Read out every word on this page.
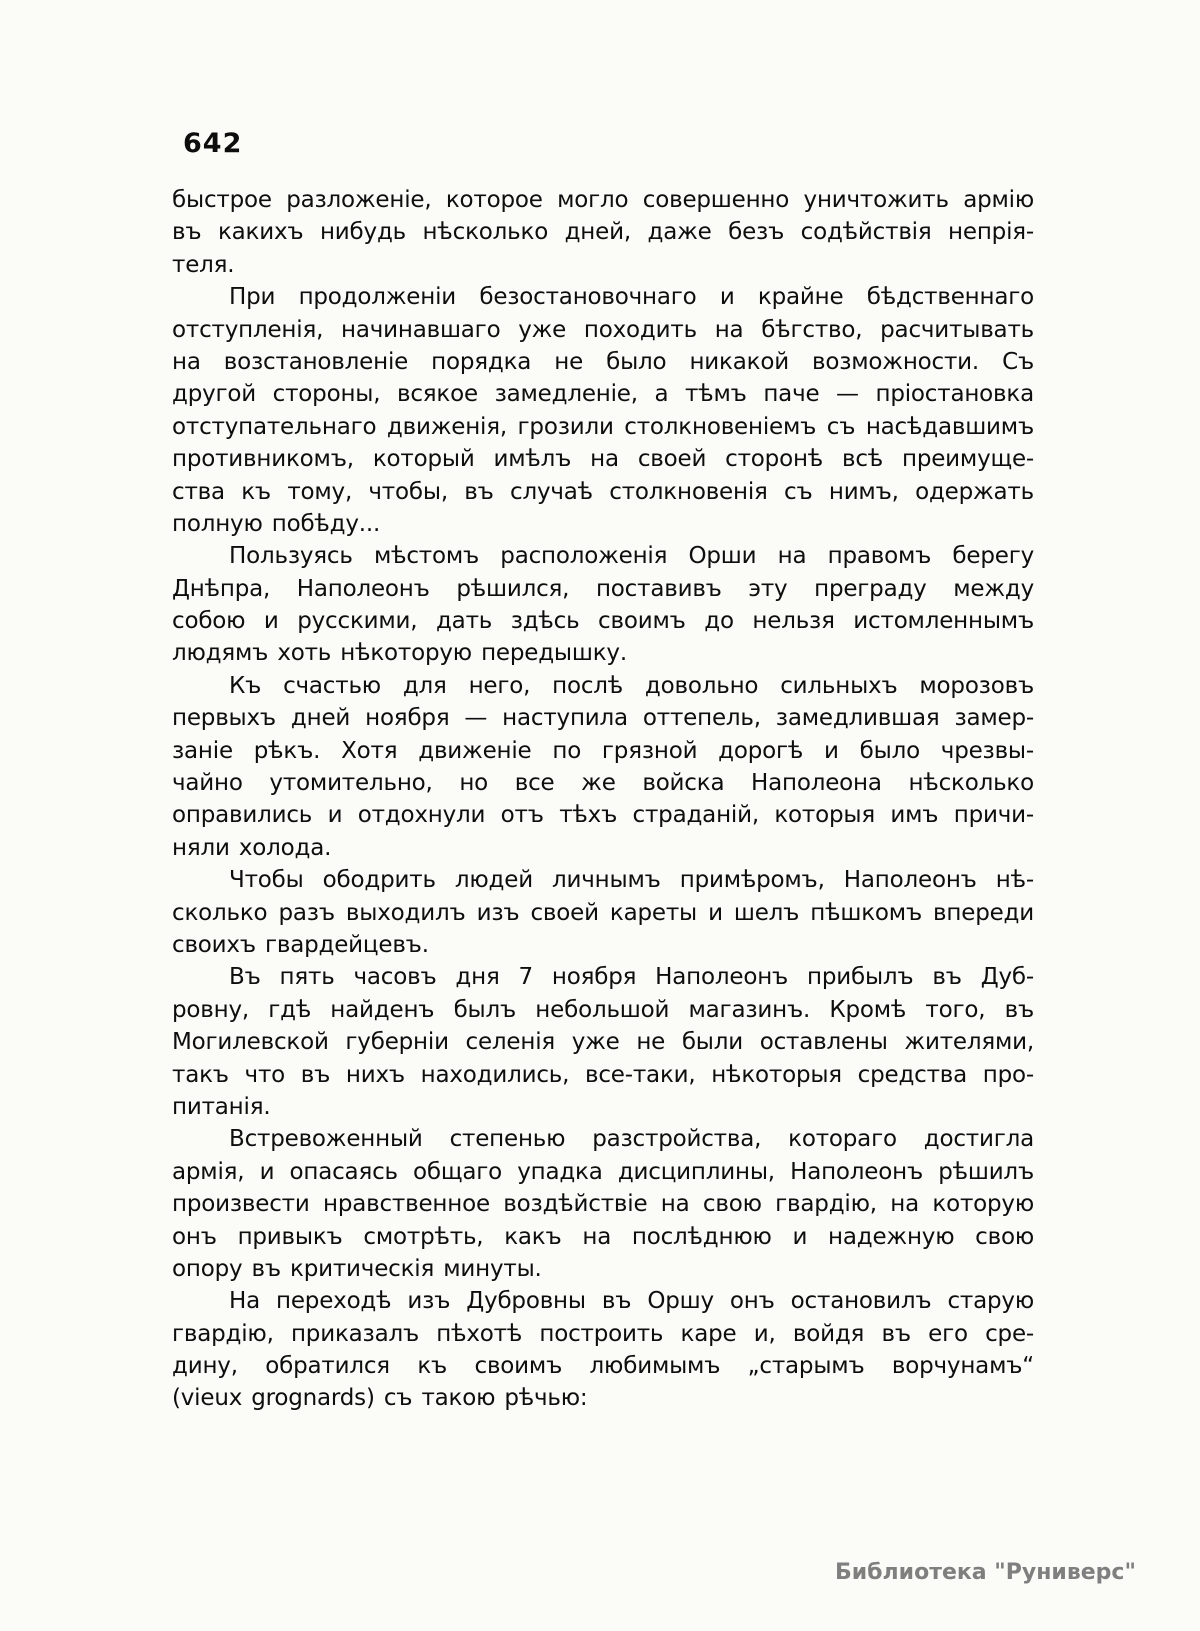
642
быстрое разложеніе, которое могло совершенно уничтожить армію
въ какихъ нибудь нѣсколько дней, даже безъ содѣйствія непрія-
теля.
При продолженіи безостановочнаго и крайне бѣдственнаго
отступленія, начинавшаго уже походить на бѣгство, расчитывать
на возстановленіе порядка не было никакой возможности. Съ
другой стороны, всякое замедленіе, а тѣмъ паче — пріостановка
отступательнаго движенія, грозили столкновеніемъ съ насѣдавшимъ
противникомъ, который имѣлъ на своей сторонѣ всѣ преимуще-
ства къ тому, чтобы, въ случаѣ столкновенія съ нимъ, одержать
полную побѣду...
Пользуясь мѣстомъ расположенія Орши на правомъ берегу
Днѣпра, Наполеонъ рѣшился, поставивъ эту преграду между
собою и русскими, дать здѣсь своимъ до нельзя истомленнымъ
людямъ хоть нѣкоторую передышку.
Къ счастью для него, послѣ довольно сильныхъ морозовъ
первыхъ дней ноября — наступила оттепель, замедлившая замер-
заніе рѣкъ. Хотя движеніе по грязной дорогѣ и было чрезвы-
чайно утомительно, но все же войска Наполеона нѣсколько
оправились и отдохнули отъ тѣхъ страданій, которыя имъ причи-
няли холода.
Чтобы ободрить людей личнымъ примѣромъ, Наполеонъ нѣ-
сколько разъ выходилъ изъ своей кареты и шелъ пѣшкомъ впереди
своихъ гвардейцевъ.
Въ пять часовъ дня 7 ноября Наполеонъ прибылъ въ Дуб-
ровну, гдѣ найденъ былъ небольшой магазинъ. Кромѣ того, въ
Могилевской губерніи селенія уже не были оставлены жителями,
такъ что въ нихъ находились, все-таки, нѣкоторыя средства про-
питанія.
Встревоженный степенью разстройства, котораго достигла
армія, и опасаясь общаго упадка дисциплины, Наполеонъ рѣшилъ
произвести нравственное воздѣйствіе на свою гвардію, на которую
онъ привыкъ смотрѣть, какъ на послѣднюю и надежную свою
опору въ критическія минуты.
На переходѣ изъ Дубровны въ Оршу онъ остановилъ старую
гвардію, приказалъ пѣхотѣ построить каре и, войдя въ его сре-
дину, обратился къ своимъ любимымъ „старымъ ворчунамъ“
(vieux grognards) съ такою рѣчью:
Библиотека "Руниверс"
